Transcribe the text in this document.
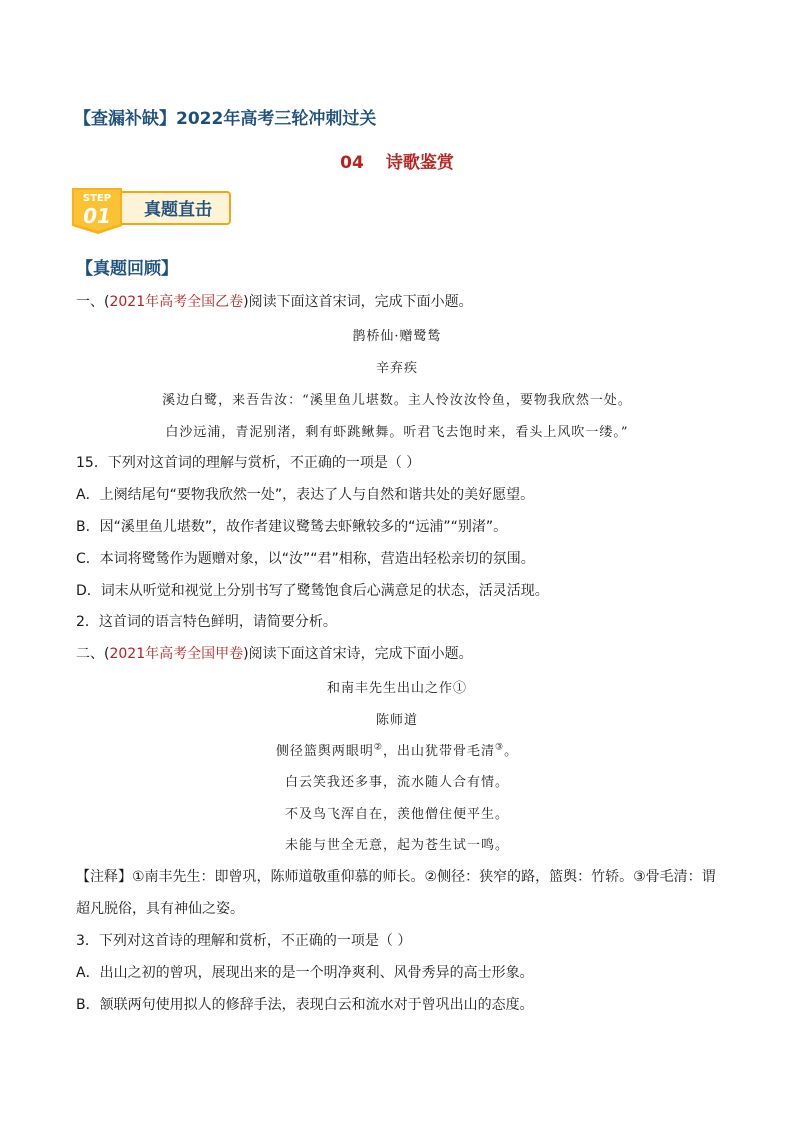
【查漏补缺】2022年高考三轮冲刺过关
04 诗歌鉴赏
STEP
01 真题直击
【真题回顾】
一、(2021年高考全国乙卷)阅读下面这首宋词，完成下面小题。
鹊桥仙·赠鹭鸶
辛弃疾
溪边白鹭，来吾告汝：“溪里鱼儿堪数。主人怜汝汝怜鱼，要物我欣然一处。
白沙远浦，青泥别渚，剩有虾跳鳅舞。听君飞去饱时来，看头上风吹一缕。”
15．下列对这首词的理解与赏析，不正确的一项是（ ）
A．上阕结尾句“要物我欣然一处”，表达了人与自然和谐共处的美好愿望。
B．因“溪里鱼儿堪数”，故作者建议鹭鸶去虾鳅较多的“远浦”“别渚”。
C．本词将鹭鸶作为题赠对象，以“汝”“君”相称，营造出轻松亲切的氛围。
D．词末从听觉和视觉上分别书写了鹭鸶饱食后心满意足的状态，活灵活现。
2．这首词的语言特色鲜明，请简要分析。
二、(2021年高考全国甲卷)阅读下面这首宋诗，完成下面小题。
和南丰先生出山之作①
陈师道
侧径篮舆两眼明②，出山犹带骨毛清③。
白云笑我还多事，流水随人合有情。
不及鸟飞浑自在，羡他僧住便平生。
未能与世全无意，起为苍生试一鸣。
【注释】①南丰先生：即曾巩，陈师道敬重仰慕的师长。②侧径：狭窄的路，篮舆：竹轿。③骨毛清：谓
超凡脱俗，具有神仙之姿。
3．下列对这首诗的理解和赏析，不正确的一项是（ ）
A．出山之初的曾巩，展现出来的是一个明净爽利、风骨秀异的高士形象。
B．颔联两句使用拟人的修辞手法，表现白云和流水对于曾巩出山的态度。
